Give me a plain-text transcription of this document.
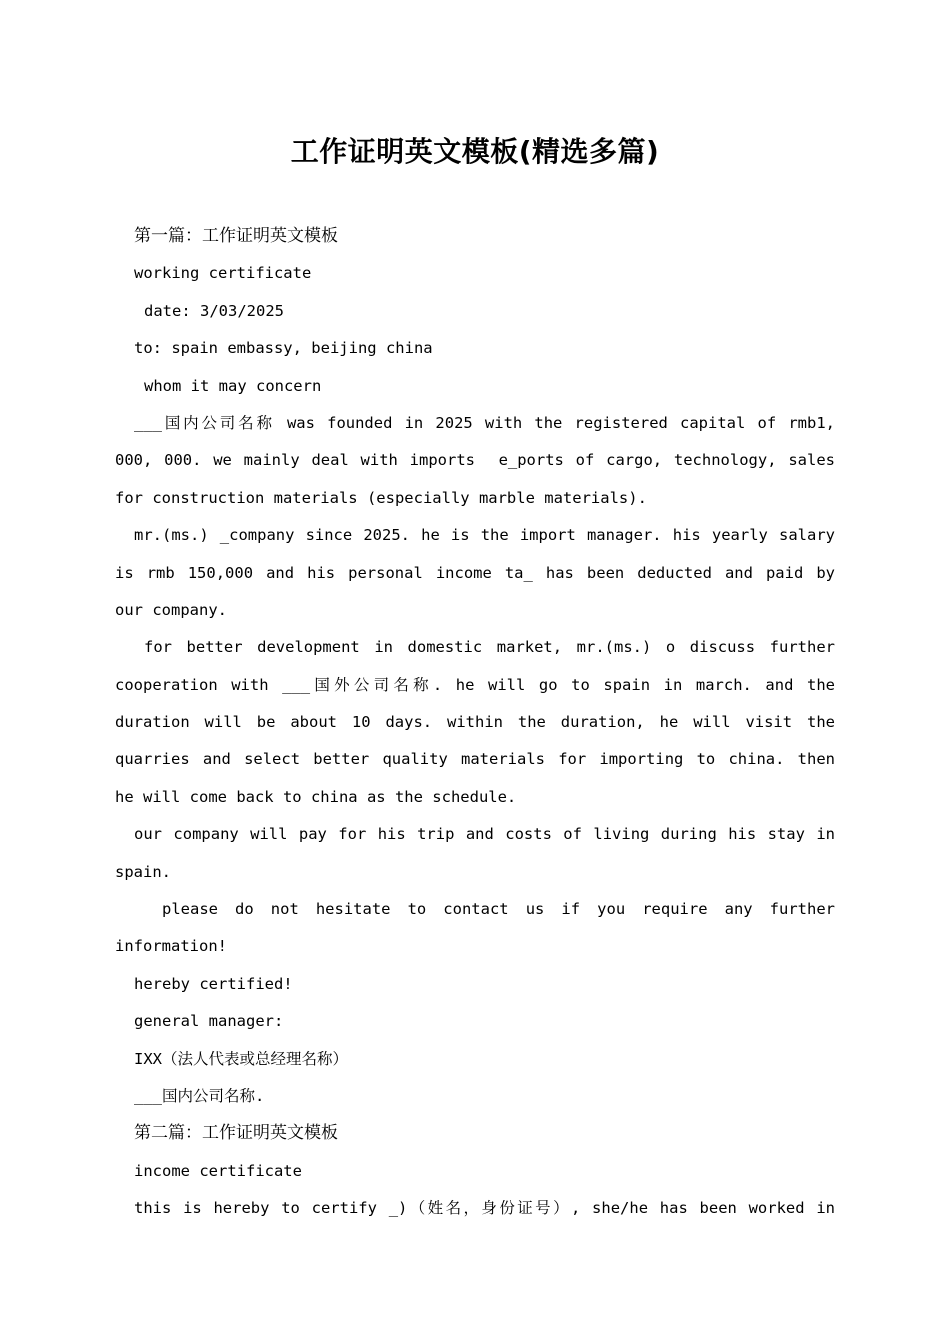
工作证明英文模板(精选多篇)
第一篇：工作证明英文模板
working certificate
date: 3/03/2025
to: spain embassy, beijing china
whom it may concern
___国内公司名称 was founded in 2025 with the registered capital of rmb1,
000, 000. we mainly deal with imports  e_ports of cargo, technology, sales
for construction materials (especially marble materials).
mr.(ms.) _company since 2025. he is the import manager. his yearly salary
is rmb 150,000 and his personal income ta_ has been deducted and paid by
our company.
for better development in domestic market, mr.(ms.) o discuss further
cooperation with ___国外公司名称. he will go to spain in march. and the
duration will be about 10 days. within the duration, he will visit the
quarries and select better quality materials for importing to china. then
he will come back to china as the schedule.
our company will pay for his trip and costs of living during his stay in
spain.
please do not hesitate to contact us if you require any further
information!
hereby certified!
general manager:
IXX（法人代表或总经理名称）
___国内公司名称.
第二篇：工作证明英文模板
income certificate
this is hereby to certify _)（姓名，身份证号）, she/he has been worked in
